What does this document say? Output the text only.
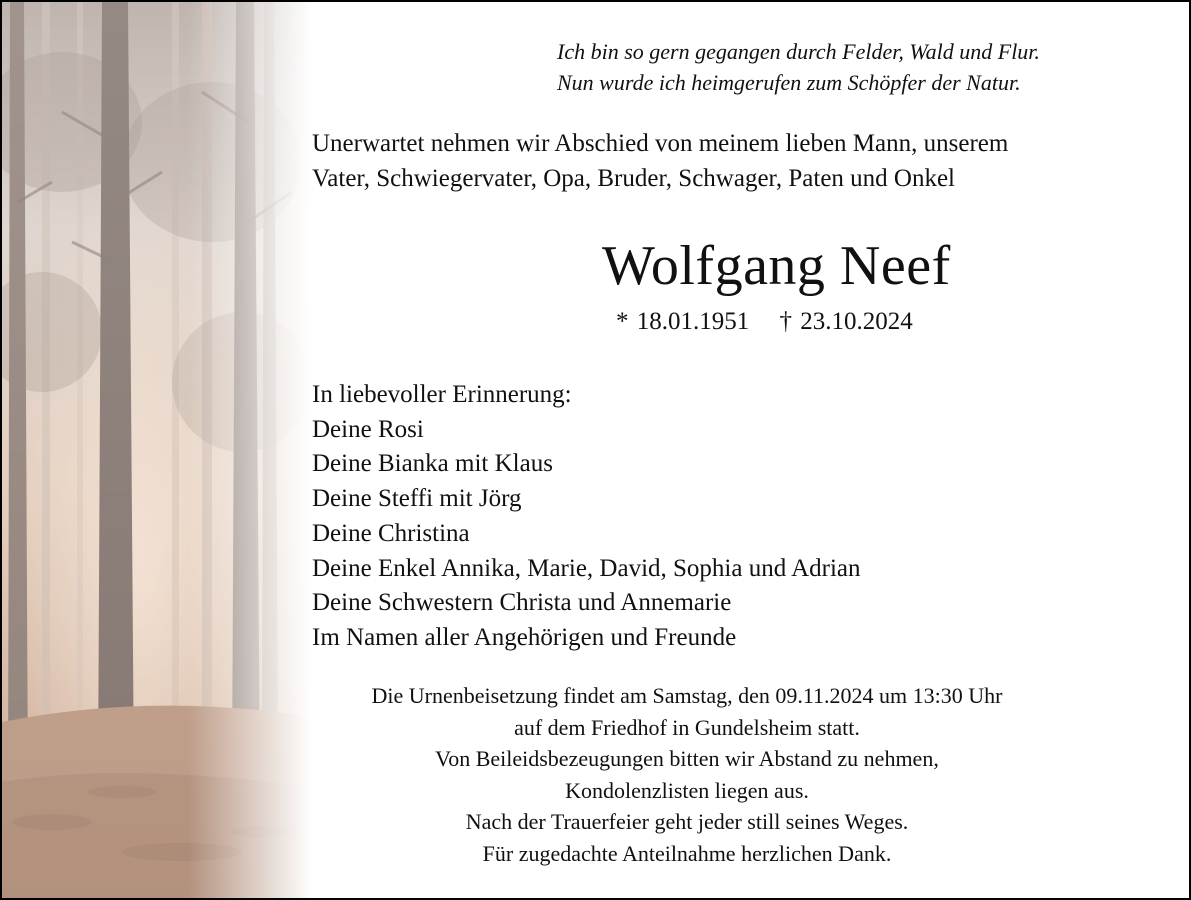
Ich bin so gern gegangen durch Felder, Wald und Flur.
Nun wurde ich heimgerufen zum Schöpfer der Natur.
Unerwartet nehmen wir Abschied von meinem lieben Mann, unserem
Vater, Schwiegervater, Opa, Bruder, Schwager, Paten und Onkel
Wolfgang Neef
* 18.01.1951 † 23.10.2024
In liebevoller Erinnerung:
Deine Rosi
Deine Bianka mit Klaus
Deine Steffi mit Jörg
Deine Christina
Deine Enkel Annika, Marie, David, Sophia und Adrian
Deine Schwestern Christa und Annemarie
Im Namen aller Angehörigen und Freunde
Die Urnenbeisetzung findet am Samstag, den 09.11.2024 um 13:30 Uhr
auf dem Friedhof in Gundelsheim statt.
Von Beileidsbezeugungen bitten wir Abstand zu nehmen,
Kondolenzlisten liegen aus.
Nach der Trauerfeier geht jeder still seines Weges.
Für zugedachte Anteilnahme herzlichen Dank.
